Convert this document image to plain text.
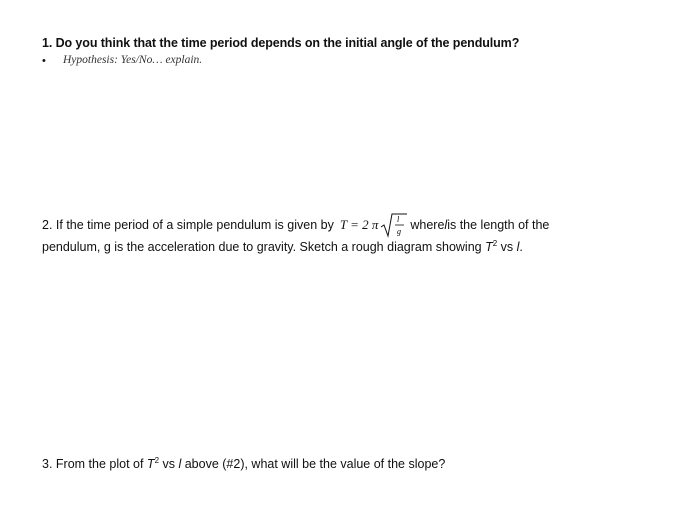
1. Do you think that the time period depends on the initial angle of the pendulum?
• Hypothesis: Yes/No… explain.
2. If the time period of a simple pendulum is given by T = 2 π l
g where l is the length of the
pendulum, g is the acceleration due to gravity. Sketch a rough diagram showing $T^2$ vs l.
3. From the plot of $T^2$ vs l above (#2), what will be the value of the slope?
